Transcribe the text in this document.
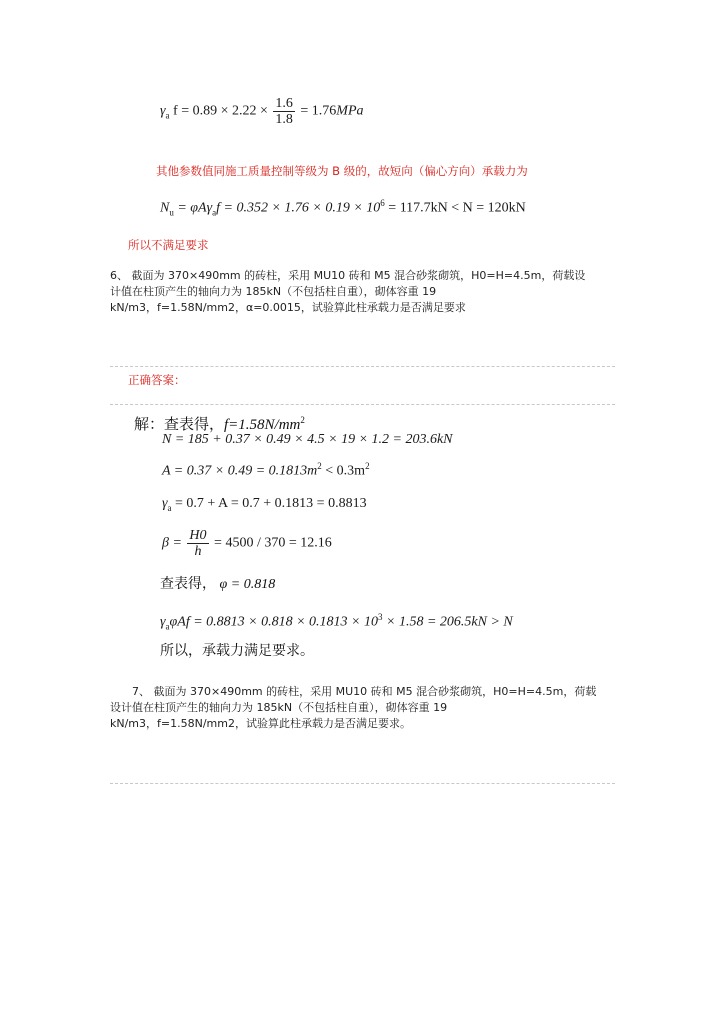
$\gamma_a$ $f = 0.89 \times 2.22 \times \frac{1.6}{1.8} = 1.76MPa$
其他参数值同施工质量控制等级为 B 级的，故短向（偏心方向）承载力为
$N_u = \varphi A\gamma_af = 0.352 \times 1.76 \times 0.19 \times 10^6 = 117.7kN < N = 120kN$
所以不满足要求
6、 截面为 370×490mm 的砖柱，采用 MU10 砖和 M5 混合砂浆砌筑，H0=H=4.5m，荷载设
计值在柱顶产生的轴向力为 185kN（不包括柱自重），砌体容重 19
kN/m3，f=1.58N/mm2，α=0.0015，试验算此柱承载力是否满足要求
正确答案：
解：查表得，$f=1.58N/mm^2$
N = 185 + 0.37 × 0.49 × 4.5 × 19 × 1.2 = 203.6kN
$A = 0.37 \times 0.49 = 0.1813m^2 < 0.3m^2$
$\gamma_a = 0.7 + A = 0.7 + 0.1813 = 0.8813$
$\beta = \frac{H0}{h} = 4500 / 370 = 12.16$
查表得， φ = 0.818
$\gamma_a\varphi Af = 0.8813 \times 0.818 \times 0.1813 \times 10^3 \times 1.58 = 206.5kN > N$
所以，承载力满足要求。
7、 截面为 370×490mm 的砖柱，采用 MU10 砖和 M5 混合砂浆砌筑，H0=H=4.5m，荷载
设计值在柱顶产生的轴向力为 185kN（不包括柱自重），砌体容重 19
kN/m3，f=1.58N/mm2，试验算此柱承载力是否满足要求。
